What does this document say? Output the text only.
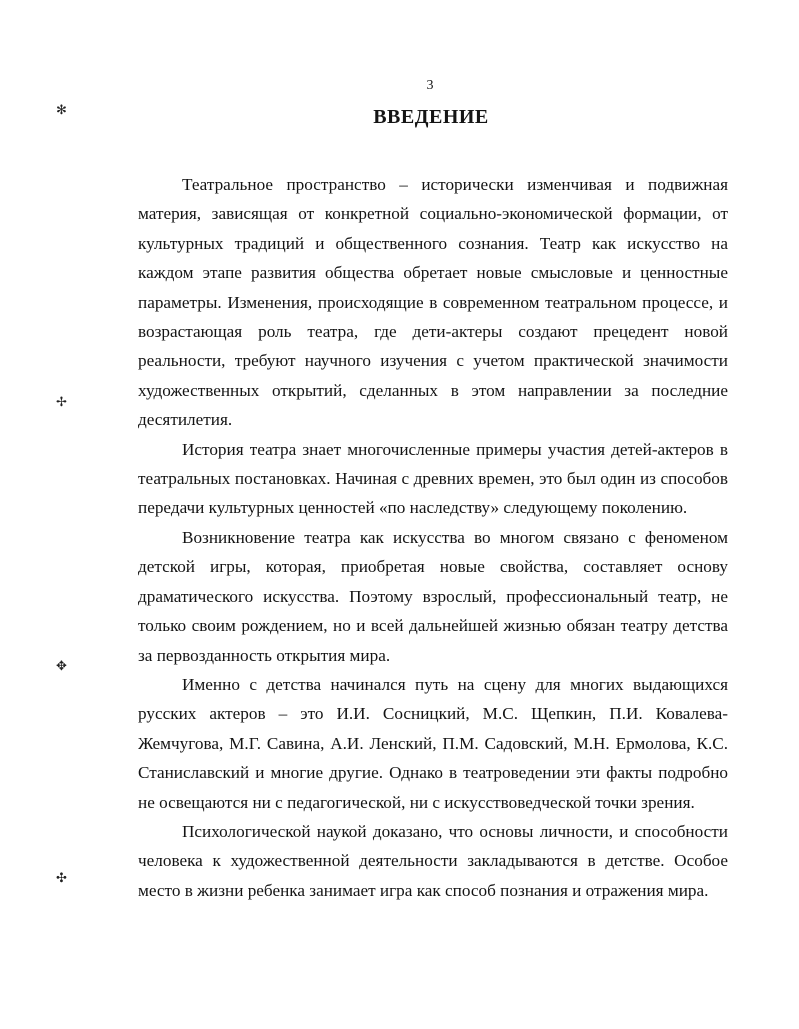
3
ВВЕДЕНИЕ
✻
✢
✥
✣

Театральное пространство – исторически изменчивая и подвижная материя, зависящая от конкретной социально-экономической формации, от культурных традиций и общественного сознания. Театр как искусство на каждом этапе развития общества обретает новые смысловые и ценностные параметры. Изменения, происходящие в современном театральном процессе, и возрастающая роль театра, где дети-актеры создают прецедент новой реальности, требуют научного изучения с учетом практической значимости художественных открытий, сделанных в этом направлении за последние десятилетия.

История театра знает многочисленные примеры участия детей-актеров в театральных постановках. Начиная с древних времен, это был один из способов передачи культурных ценностей «по наследству» следующему поколению.

Возникновение театра как искусства во многом связано с феноменом детской игры, которая, приобретая новые свойства, составляет основу драматического искусства. Поэтому взрослый, профессиональный театр, не только своим рождением, но и всей дальнейшей жизнью обязан театру детства за первозданность открытия мира.

Именно с детства начинался путь на сцену для многих выдающихся русских актеров – это И.И. Сосницкий, М.С. Щепкин, П.И. Ковалева-Жемчугова, М.Г. Савина, А.И. Ленский, П.М. Садовский, М.Н. Ермолова, К.С. Станиславский и многие другие. Однако в театроведении эти факты подробно не освещаются ни с педагогической, ни с искусствоведческой точки зрения.

Психологической наукой доказано, что основы личности, и способности человека к художественной деятельности закладываются в детстве. Особое место в жизни ребенка занимает игра как способ познания и отражения мира.
